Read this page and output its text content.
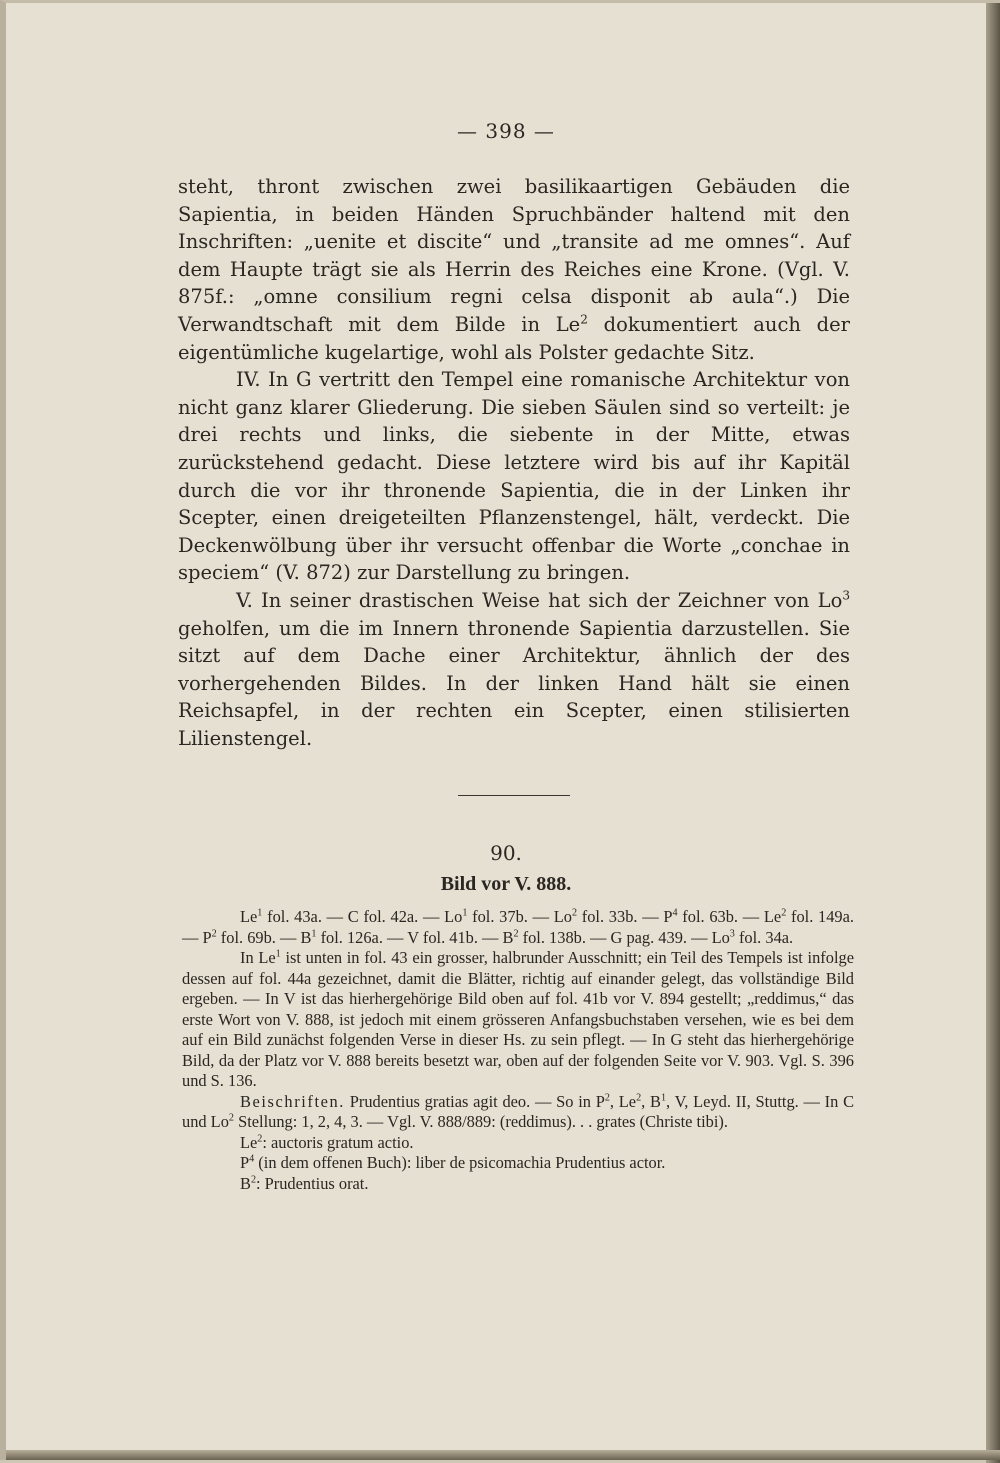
— 398 —

steht, thront zwischen zwei basilikaartigen Gebäuden die Sapientia, in beiden Händen Spruchbänder haltend mit den Inschriften: „uenite et discite“ und „transite ad me omnes“. Auf dem Haupte trägt sie als Herrin des Reiches eine Krone. (Vgl. V. 875f.: „omne consilium regni celsa disponit ab aula“.) Die Verwandtschaft mit dem Bilde in Le$^2$ dokumentiert auch der eigentümliche kugelartige, wohl als Polster gedachte Sitz.

IV. In G vertritt den Tempel eine romanische Architektur von nicht ganz klarer Gliederung. Die sieben Säulen sind so verteilt: je drei rechts und links, die siebente in der Mitte, etwas zurückstehend gedacht. Diese letztere wird bis auf ihr Kapitäl durch die vor ihr thronende Sapientia, die in der Linken ihr Scepter, einen dreigeteilten Pflanzenstengel, hält, verdeckt. Die Deckenwölbung über ihr versucht offenbar die Worte „conchae in speciem“ (V. 872) zur Darstellung zu bringen.

V. In seiner drastischen Weise hat sich der Zeichner von Lo$^3$ geholfen, um die im Innern thronende Sapientia darzustellen. Sie sitzt auf dem Dache einer Architektur, ähnlich der des vorhergehenden Bildes. In der linken Hand hält sie einen Reichsapfel, in der rechten ein Scepter, einen stilisierten Lilienstengel.

90.
Bild vor V. 888.

Le$^1$ fol. 43a. — C fol. 42a. — Lo$^1$ fol. 37b. — Lo$^2$ fol. 33b. — $P^4$ fol. 63b. — Le$^2$ fol. 149a. — $P^2$ fol. 69b. — $B^1$ fol. 126a. — V fol. 41b. — $B^2$ fol. 138b. — G pag. 439. — Lo$^3$ fol. 34a.

In Le$^1$ ist unten in fol. 43 ein grosser, halbrunder Ausschnitt; ein Teil des Tempels ist infolge dessen auf fol. 44a gezeichnet, damit die Blätter, richtig auf einander gelegt, das vollständige Bild ergeben. — In V ist das hierhergehörige Bild oben auf fol. 41b vor V. 894 gestellt; „reddimus,“ das erste Wort von V. 888, ist jedoch mit einem grösseren Anfangsbuchstaben versehen, wie es bei dem auf ein Bild zunächst folgenden Verse in dieser Hs. zu sein pflegt. — In G steht das hierhergehörige Bild, da der Platz vor V. 888 bereits besetzt war, oben auf der folgenden Seite vor V. 903. Vgl. S. 396 und S. 136.

Beischriften. Prudentius gratias agit deo. — So in $P^2$, Le$^2$, $B^1$, V, Leyd. II, Stuttg. — In C und Lo$^2$ Stellung: 1, 2, 4, 3. — Vgl. V. 888/889: (reddimus). . . grates (Christe tibi).

Le$^2$: auctoris gratum actio.

$P^4$ (in dem offenen Buch): liber de psicomachia Prudentius actor.

$B^2$: Prudentius orat.
